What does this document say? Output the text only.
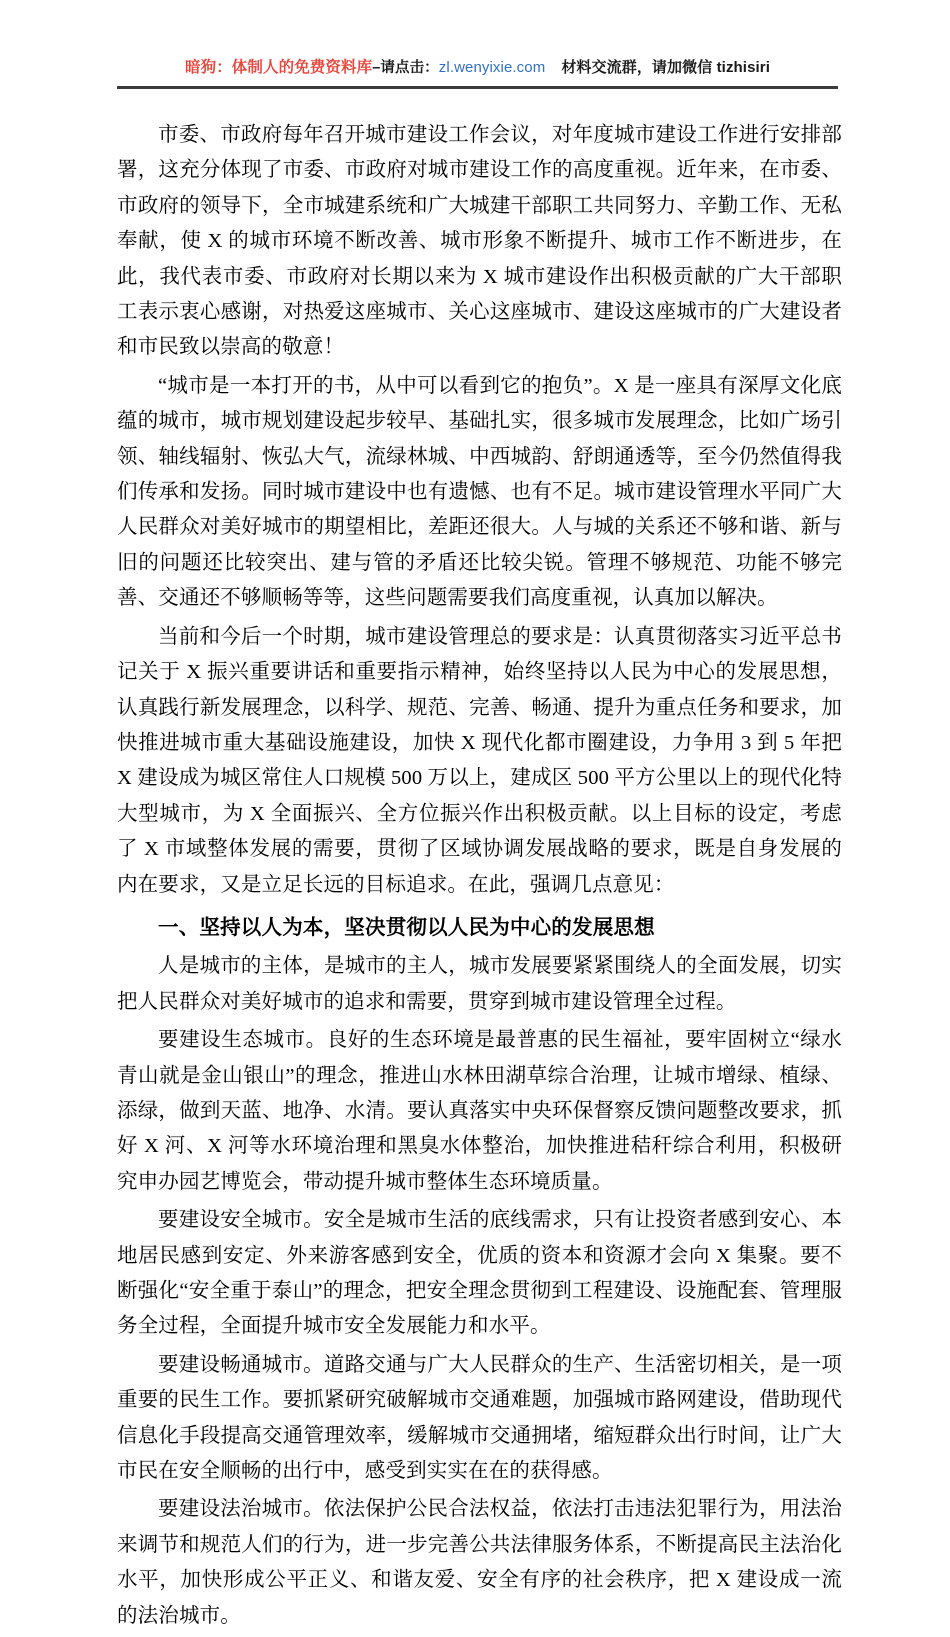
暗狗：体制人的免费资料库–请点击：zl.wenyixie.com 材料交流群，请加微信 tizhisiri

市委、市政府每年召开城市建设工作会议，对年度城市建设工作进行安排部署，这充分体现了市委、市政府对城市建设工作的高度重视。近年来，在市委、市政府的领导下，全市城建系统和广大城建干部职工共同努力、辛勤工作、无私奉献，使 X 的城市环境不断改善、城市形象不断提升、城市工作不断进步，在此，我代表市委、市政府对长期以来为 X 城市建设作出积极贡献的广大干部职工表示衷心感谢，对热爱这座城市、关心这座城市、建设这座城市的广大建设者和市民致以崇高的敬意！

“城市是一本打开的书，从中可以看到它的抱负”。X 是一座具有深厚文化底蕴的城市，城市规划建设起步较早、基础扎实，很多城市发展理念，比如广场引领、轴线辐射、恢弘大气，流绿林城、中西城韵、舒朗通透等，至今仍然值得我们传承和发扬。同时城市建设中也有遗憾、也有不足。城市建设管理水平同广大人民群众对美好城市的期望相比，差距还很大。人与城的关系还不够和谐、新与旧的问题还比较突出、建与管的矛盾还比较尖锐。管理不够规范、功能不够完善、交通还不够顺畅等等，这些问题需要我们高度重视，认真加以解决。

当前和今后一个时期，城市建设管理总的要求是：认真贯彻落实习近平总书记关于 X 振兴重要讲话和重要指示精神，始终坚持以人民为中心的发展思想，认真践行新发展理念，以科学、规范、完善、畅通、提升为重点任务和要求，加快推进城市重大基础设施建设，加快 X 现代化都市圈建设，力争用 3 到 5 年把 X 建设成为城区常住人口规模 500 万以上，建成区 500 平方公里以上的现代化特大型城市，为 X 全面振兴、全方位振兴作出积极贡献。以上目标的设定，考虑了 X 市域整体发展的需要，贯彻了区域协调发展战略的要求，既是自身发展的内在要求，又是立足长远的目标追求。在此，强调几点意见：

一、坚持以人为本，坚决贯彻以人民为中心的发展思想

人是城市的主体，是城市的主人，城市发展要紧紧围绕人的全面发展，切实把人民群众对美好城市的追求和需要，贯穿到城市建设管理全过程。

要建设生态城市。良好的生态环境是最普惠的民生福祉，要牢固树立“绿水青山就是金山银山”的理念，推进山水林田湖草综合治理，让城市增绿、植绿、添绿，做到天蓝、地净、水清。要认真落实中央环保督察反馈问题整改要求，抓好 X 河、X 河等水环境治理和黑臭水体整治，加快推进秸秆综合利用，积极研究申办园艺博览会，带动提升城市整体生态环境质量。

要建设安全城市。安全是城市生活的底线需求，只有让投资者感到安心、本地居民感到安定、外来游客感到安全，优质的资本和资源才会向 X 集聚。要不断强化“安全重于泰山”的理念，把安全理念贯彻到工程建设、设施配套、管理服务全过程，全面提升城市安全发展能力和水平。

要建设畅通城市。道路交通与广大人民群众的生产、生活密切相关，是一项重要的民生工作。要抓紧研究破解城市交通难题，加强城市路网建设，借助现代信息化手段提高交通管理效率，缓解城市交通拥堵，缩短群众出行时间，让广大市民在安全顺畅的出行中，感受到实实在在的获得感。

要建设法治城市。依法保护公民合法权益，依法打击违法犯罪行为，用法治来调节和规范人们的行为，进一步完善公共法律服务体系，不断提高民主法治化水平，加快形成公平正义、和谐友爱、安全有序的社会秩序，把 X 建设成一流的法治城市。
